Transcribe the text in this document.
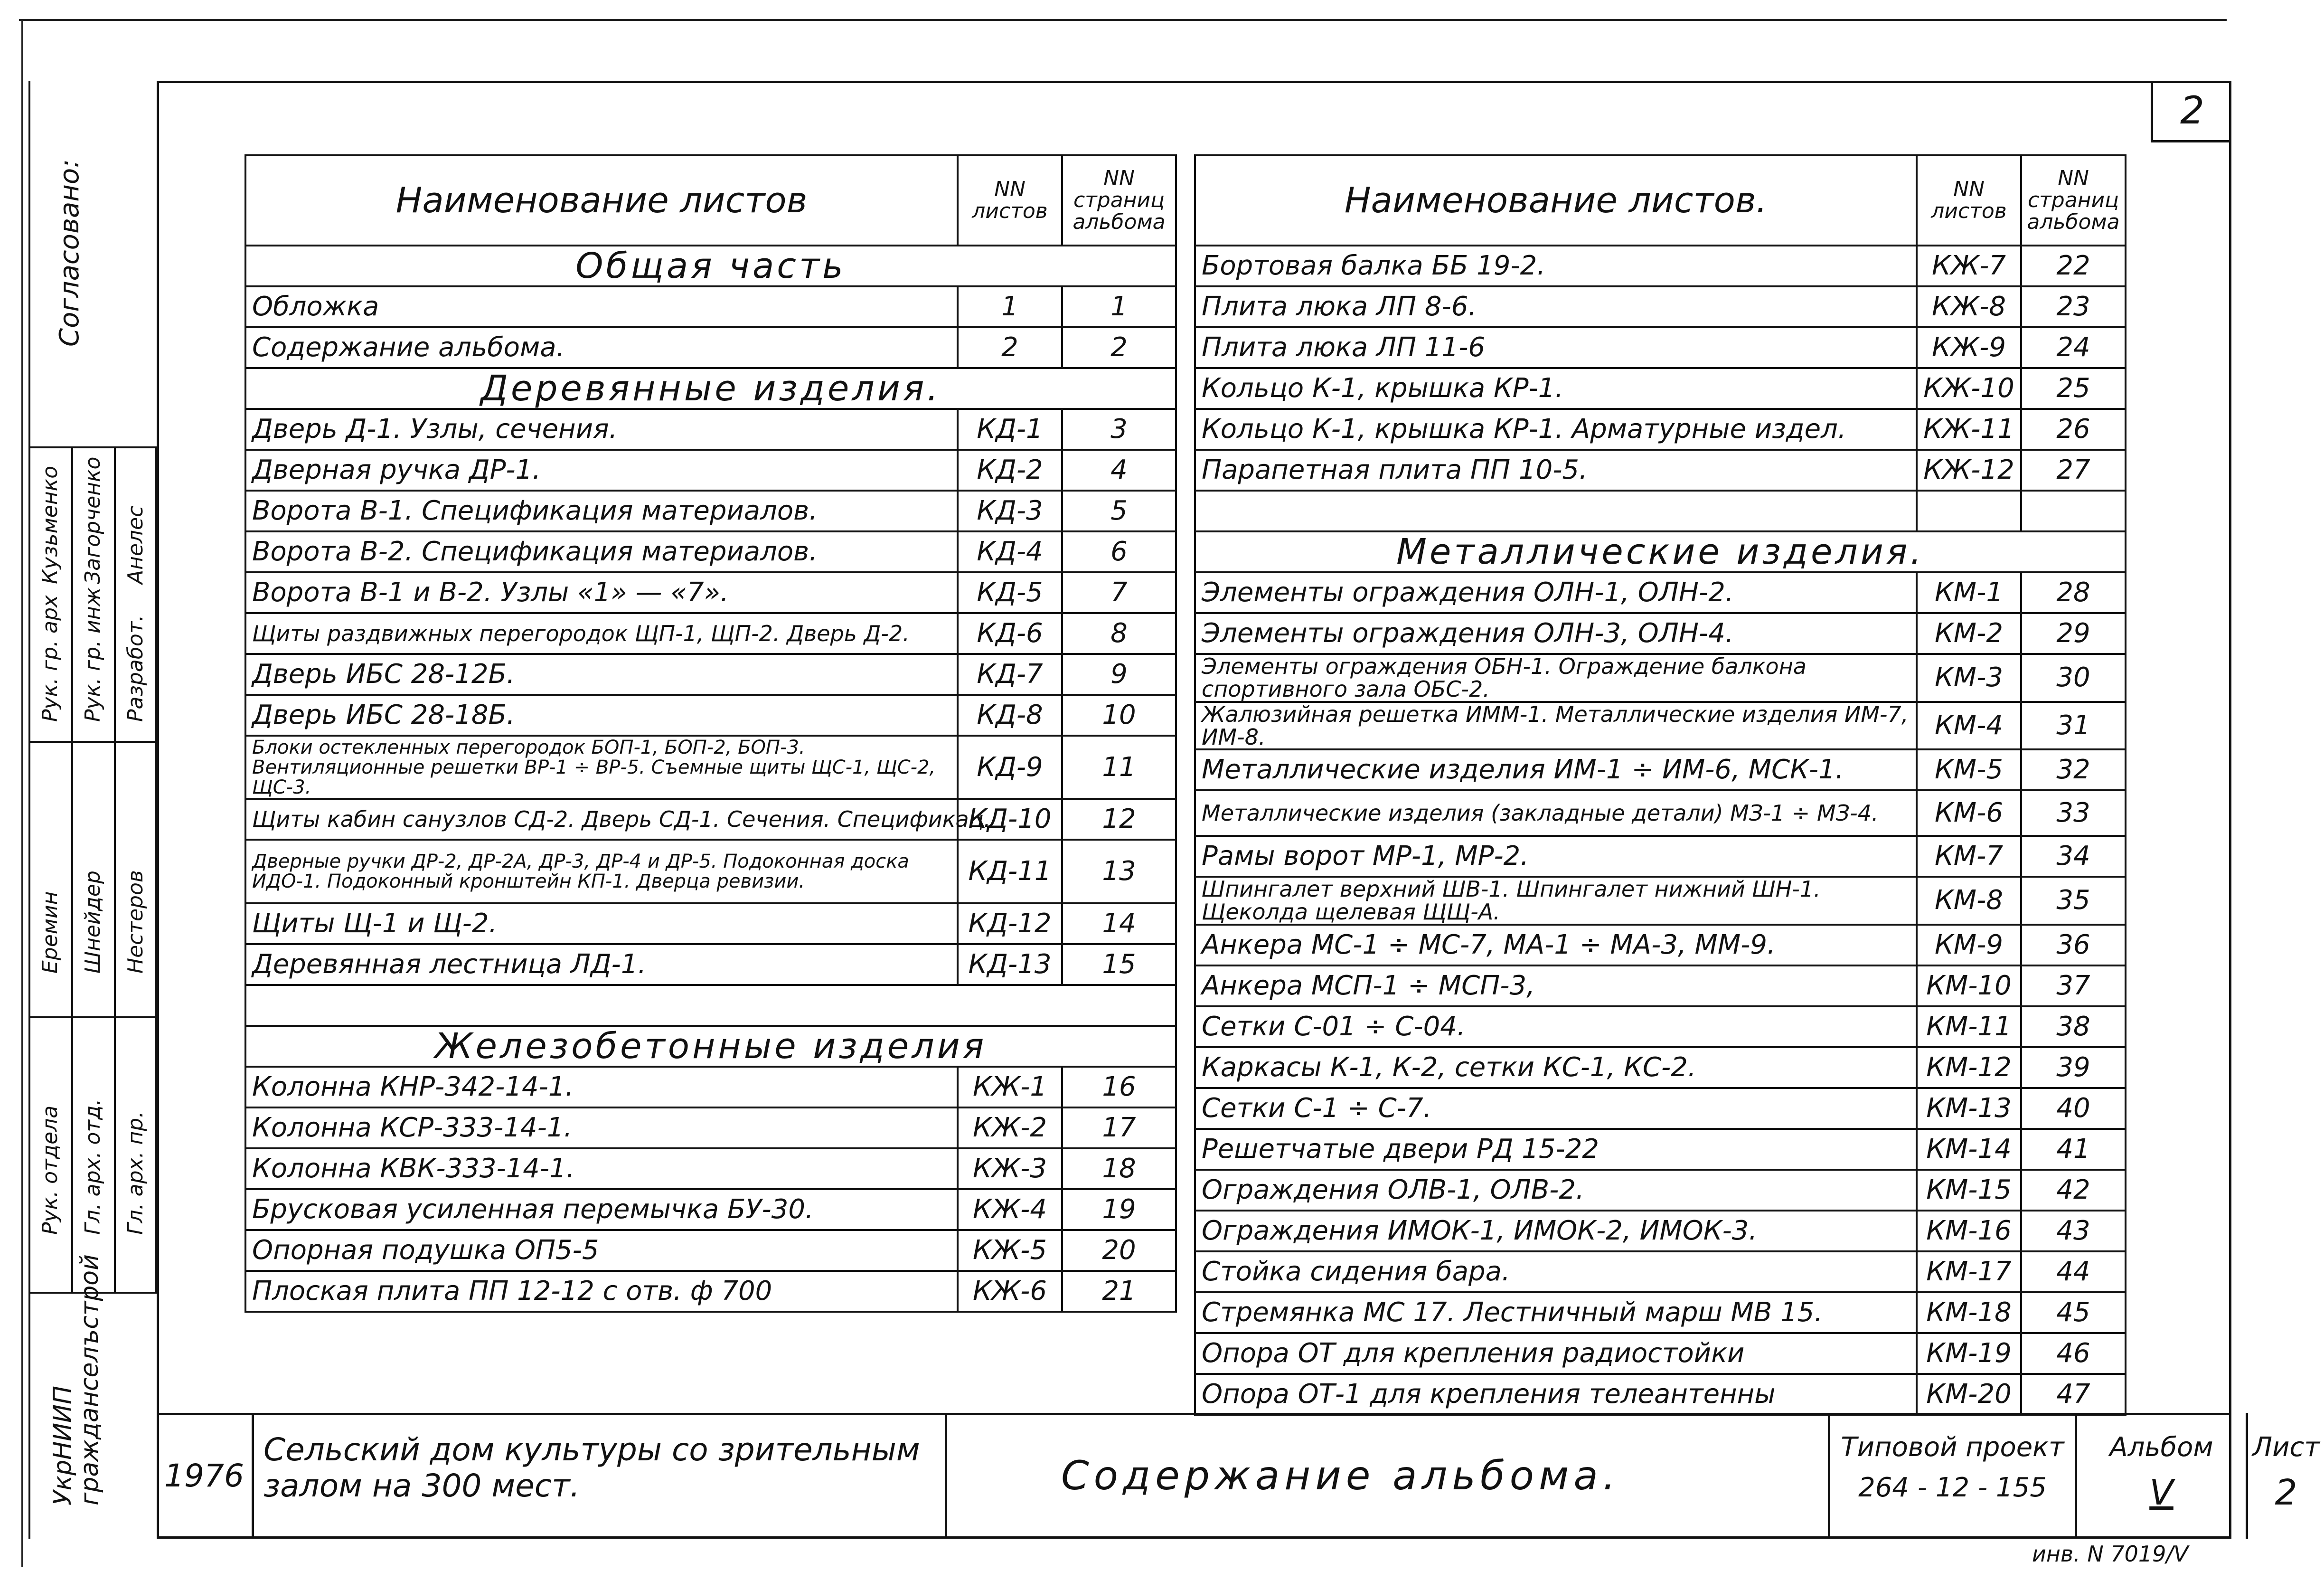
Согласовано:
УкрНИИП гражданселъстрой
Рук. отдела Гл. арх. отд. Гл. арх. пр.
Еремин Шнейдер Нестеров
Рук. гр. арх Рук. гр. инж Разработ.
Кузьменко Загорченко Анелес
2
Наименование листов	NN листов	NN страниц альбома
Общая часть		
Обложка	1	1
Содержание альбома.	2	2
Деревянные изделия.		
Дверь Д-1. Узлы, сечения.	КД-1	3
Дверная ручка ДР-1.	КД-2	4
Ворота В-1. Спецификация материалов.	КД-3	5
Ворота В-2. Спецификация материалов.	КД-4	6
Ворота В-1 и В-2. Узлы «1» — «7».	КД-5	7
Щиты раздвижных перегородок ЩП-1, ЩП-2. Дверь Д-2.	КД-6	8
Дверь ИБС 28-12Б.	КД-7	9
Дверь ИБС 28-18Б.	КД-8	10
Блоки остекленных перегородок БОП-1, БОП-2, БОП-3. Вентиляционные решетки ВР-1 ÷ ВР-5. Съемные щиты ЩС-1, ЩС-2, ЩС-3.	КД-9	11
Щиты кабин санузлов СД-2. Дверь СД-1. Сечения. Спецификац.	КД-10	12
Дверные ручки ДР-2, ДР-2А, ДР-3, ДР-4 и ДР-5. Подоконная доска ИДО-1. Подоконный кронштейн КП-1. Дверца ревизии.	КД-11	13
Щиты Щ-1 и Щ-2.	КД-12	14
Деревянная лестница ЛД-1.	КД-13	15

Железобетонные изделия		
Колонна КНР-342-14-1.	КЖ-1	16
Колонна КСР-333-14-1.	КЖ-2	17
Колонна КВК-333-14-1.	КЖ-3	18
Брусковая усиленная перемычка БУ-30.	КЖ-4	19
Опорная подушка ОП5-5	КЖ-5	20
Плоская плита ПП 12-12 с отв. ф 700	КЖ-6	21
Наименование листов.	NN листов	NN страниц альбома
Бортовая балка ББ 19-2.	КЖ-7	22
Плита люка ЛП 8-6.	КЖ-8	23
Плита люка ЛП 11-6	КЖ-9	24
Кольцо К-1, крышка КР-1.	КЖ-10	25
Кольцо К-1, крышка КР-1. Арматурные издел.	КЖ-11	26
Парапетная плита ПП 10-5.	КЖ-12	27

Металлические изделия.		
Элементы ограждения ОЛН-1, ОЛН-2.	КМ-1	28
Элементы ограждения ОЛН-3, ОЛН-4.	КМ-2	29
Элементы ограждения ОБН-1. Ограждение балкона спортивного зала ОБС-2.	КМ-3	30
Жалюзийная решетка ИММ-1. Металлические изделия ИМ-7, ИМ-8.	КМ-4	31
Металлические изделия ИМ-1 ÷ ИМ-6, МСК-1.	КМ-5	32
Металлические изделия (закладные детали) МЗ-1 ÷ МЗ-4.	КМ-6	33
Рамы ворот МР-1, МР-2.	КМ-7	34
Шпингалет верхний ШВ-1. Шпингалет нижний ШН-1. Щеколда щелевая ЩЩ-А.	КМ-8	35
Анкера МС-1 ÷ МС-7, МА-1 ÷ МА-3, ММ-9.	КМ-9	36
Анкера МСП-1 ÷ МСП-3,	КМ-10	37
Сетки С-01 ÷ С-04.	КМ-11	38
Каркасы К-1, К-2, сетки КС-1, КС-2.	КМ-12	39
Сетки С-1 ÷ С-7.	КМ-13	40
Решетчатые двери РД 15-22	КМ-14	41
Ограждения ОЛВ-1, ОЛВ-2.	КМ-15	42
Ограждения ИМОК-1, ИМОК-2, ИМОК-3.	КМ-16	43
Стойка сидения бара.	КМ-17	44
Стремянка МС 17. Лестничный марш МВ 15.	КМ-18	45
Опора ОТ для крепления радиостойки	КМ-19	46
Опора ОТ-1 для крепления телеантенны	КМ-20	47
1976
Сельский дом культуры со зрительным залом на 300 мест.	Содержание альбома.
Типовой проект
264 - 12 - 155
Альбом
V
Лист
2
инв. N 7019/V
